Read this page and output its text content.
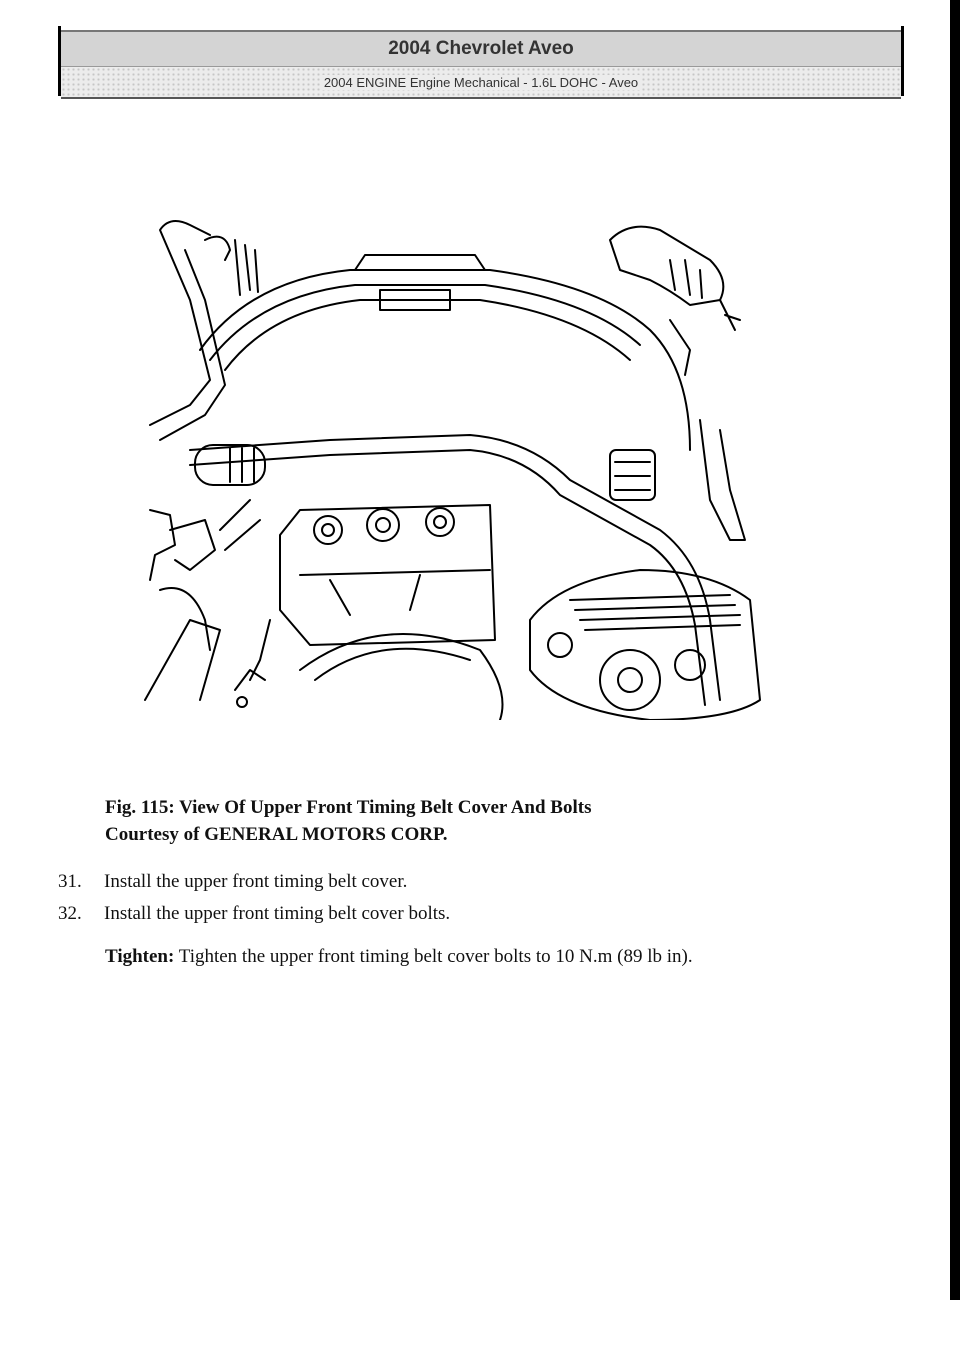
2004 Chevrolet Aveo
2004 ENGINE Engine Mechanical - 1.6L DOHC - Aveo
Fig. 115: View Of Upper Front Timing Belt Cover And Bolts
Courtesy of GENERAL MOTORS CORP.
31. Install the upper front timing belt cover.
32. Install the upper front timing belt cover bolts.
Tighten: Tighten the upper front timing belt cover bolts to 10 N.m (89 lb in).
